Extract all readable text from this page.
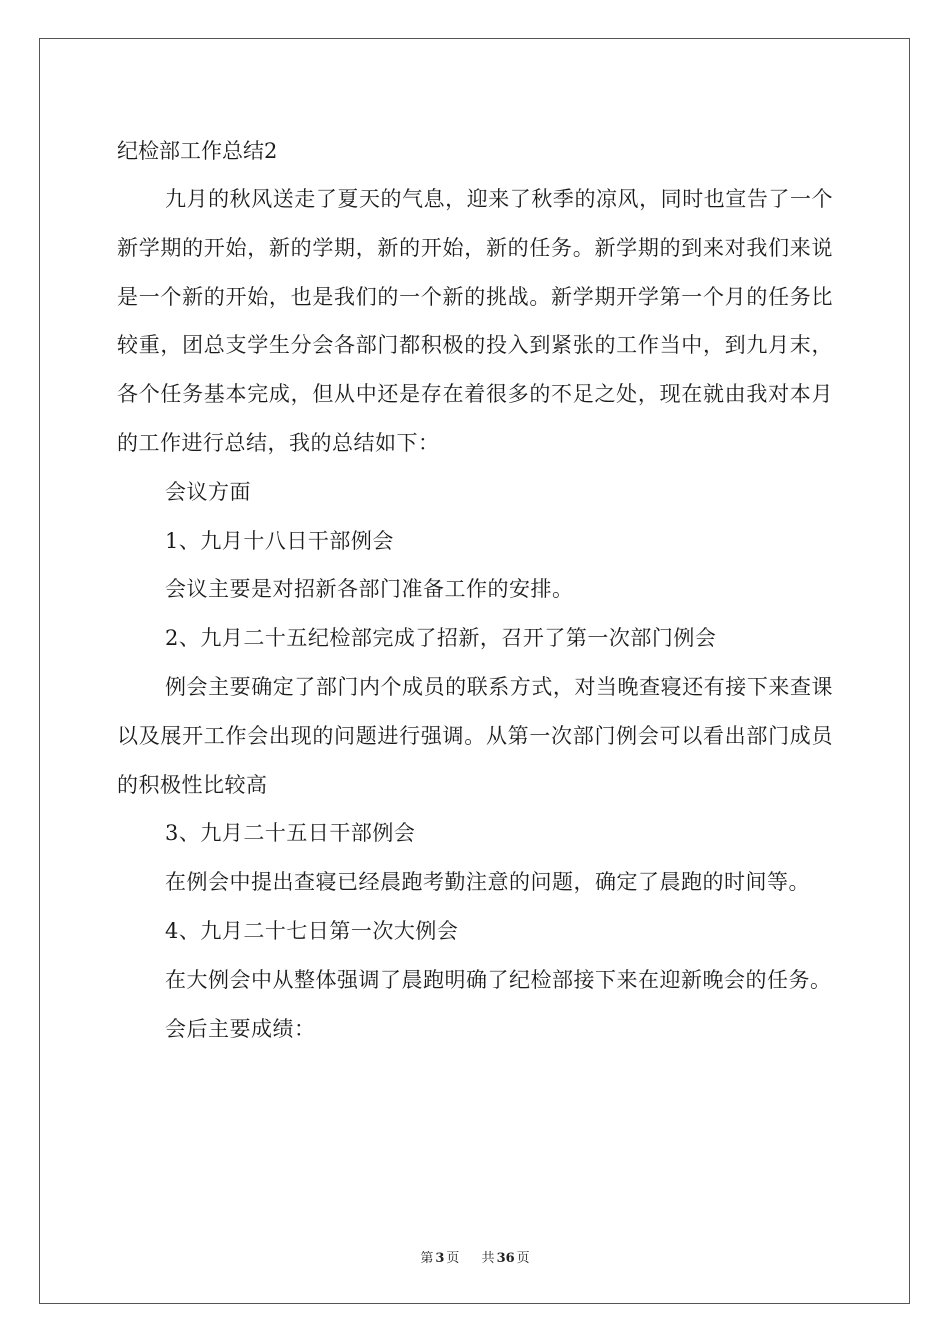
纪检部工作总结2

九月的秋风送走了夏天的气息，迎来了秋季的凉风，同时也宣告了一个新学期的开始，新的学期，新的开始，新的任务。新学期的到来对我们来说是一个新的开始，也是我们的一个新的挑战。新学期开学第一个月的任务比较重，团总支学生分会各部门都积极的投入到紧张的工作当中，到九月末，各个任务基本完成，但从中还是存在着很多的不足之处，现在就由我对本月的工作进行总结，我的总结如下：

会议方面

1、九月十八日干部例会

会议主要是对招新各部门准备工作的安排。

2、九月二十五纪检部完成了招新，召开了第一次部门例会

例会主要确定了部门内个成员的联系方式，对当晚查寝还有接下来查课以及展开工作会出现的问题进行强调。从第一次部门例会可以看出部门成员的积极性比较高

3、九月二十五日干部例会

在例会中提出查寝已经晨跑考勤注意的问题，确定了晨跑的时间等。

4、九月二十七日第一次大例会

在大例会中从整体强调了晨跑明确了纪检部接下来在迎新晚会的任务。

会后主要成绩：

第 3 页 共 36 页
